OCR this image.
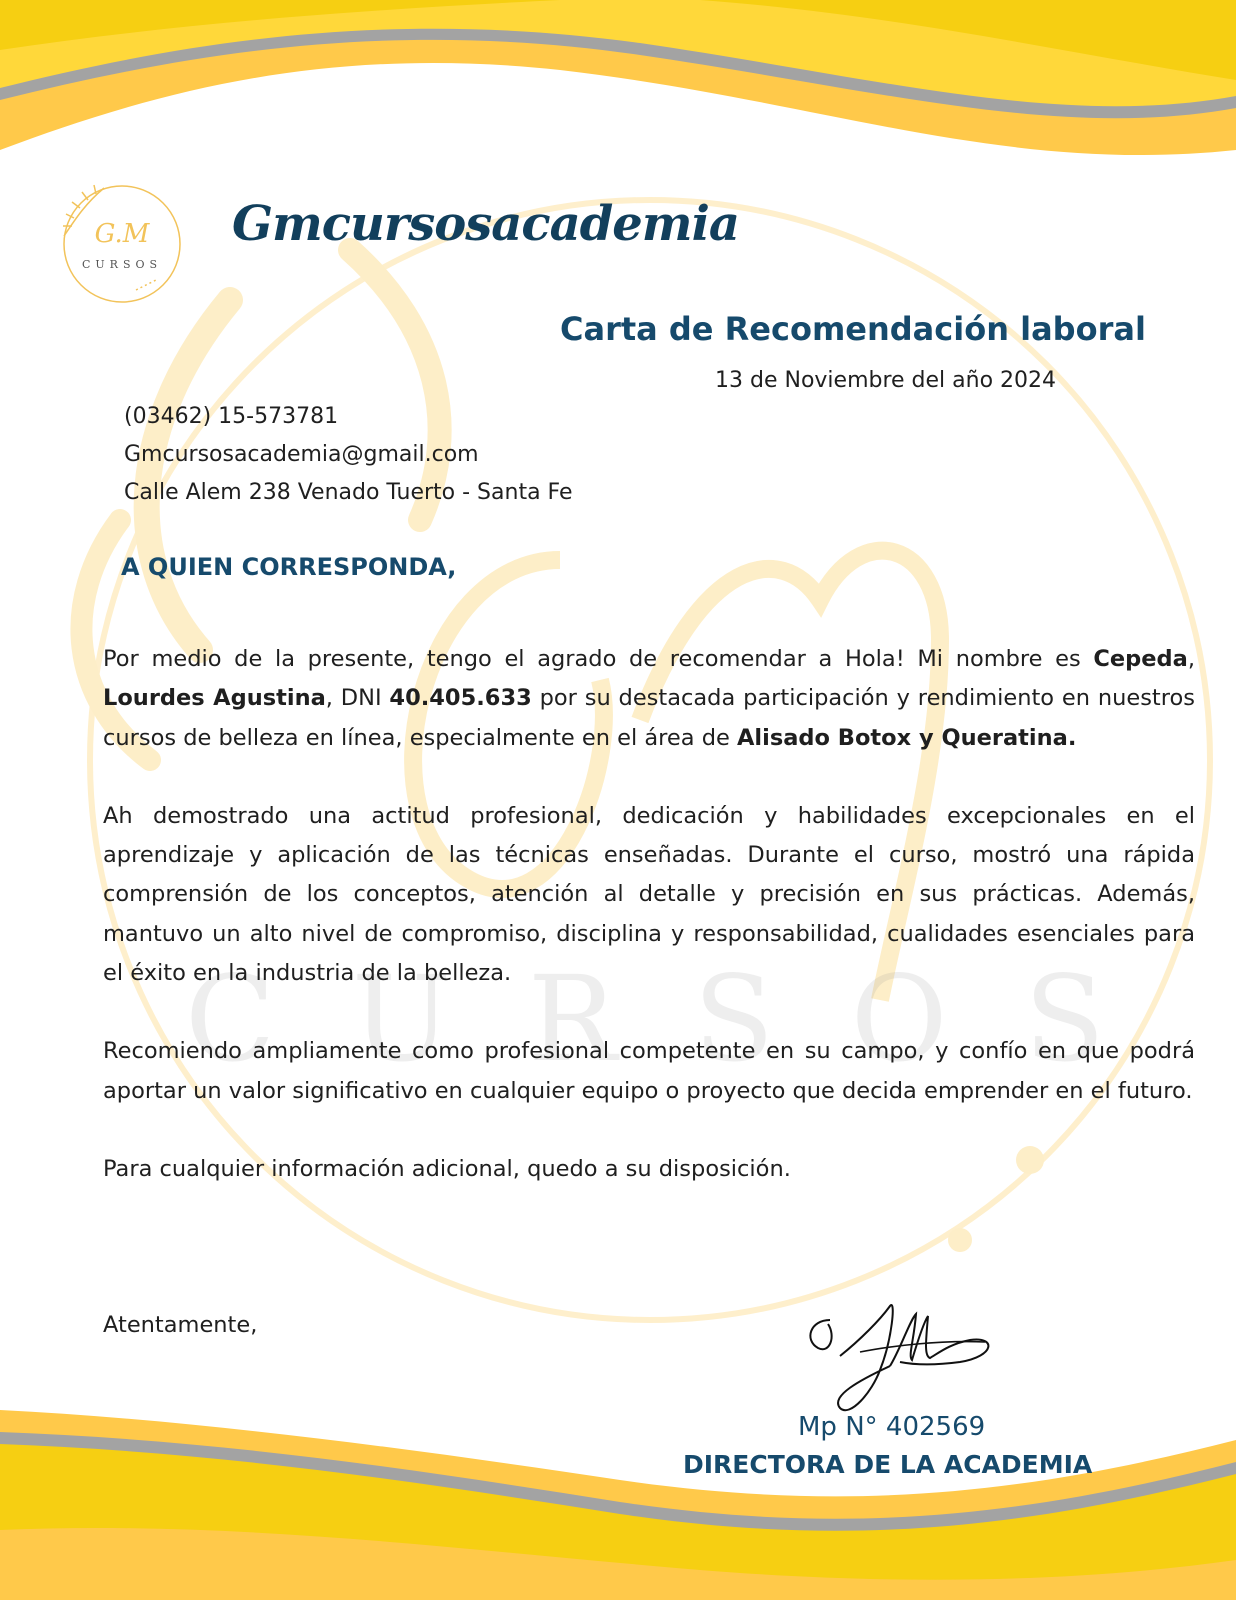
C U R S O S
G.M
CURSOS
Gmcursosacademia
Carta de Recomendación laboral
13 de Noviembre del año 2024
(03462) 15-573781
Gmcursosacademia@gmail.com
Calle Alem 238 Venado Tuerto - Santa Fe
A QUIEN CORRESPONDA,

Por medio de la presente, tengo el agrado de recomendar a Hola! Mi nombre es Cepeda, Lourdes Agustina, DNI 40.405.633 por su destacada participación y rendimiento en nuestros cursos de belleza en línea, especialmente en el área de Alisado Botox y Queratina.

Ah demostrado una actitud profesional, dedicación y habilidades excepcionales en el aprendizaje y aplicación de las técnicas enseñadas. Durante el curso, mostró una rápida comprensión de los conceptos, atención al detalle y precisión en sus prácticas. Además, mantuvo un alto nivel de compromiso, disciplina y responsabilidad, cualidades esenciales para el éxito en la industria de la belleza.

Recomiendo ampliamente como profesional competente en su campo, y confío en que podrá aportar un valor significativo en cualquier equipo o proyecto que decida emprender en el futuro.

Para cualquier información adicional, quedo a su disposición.

Atentamente,
Mp N° 402569
DIRECTORA DE LA ACADEMIA
